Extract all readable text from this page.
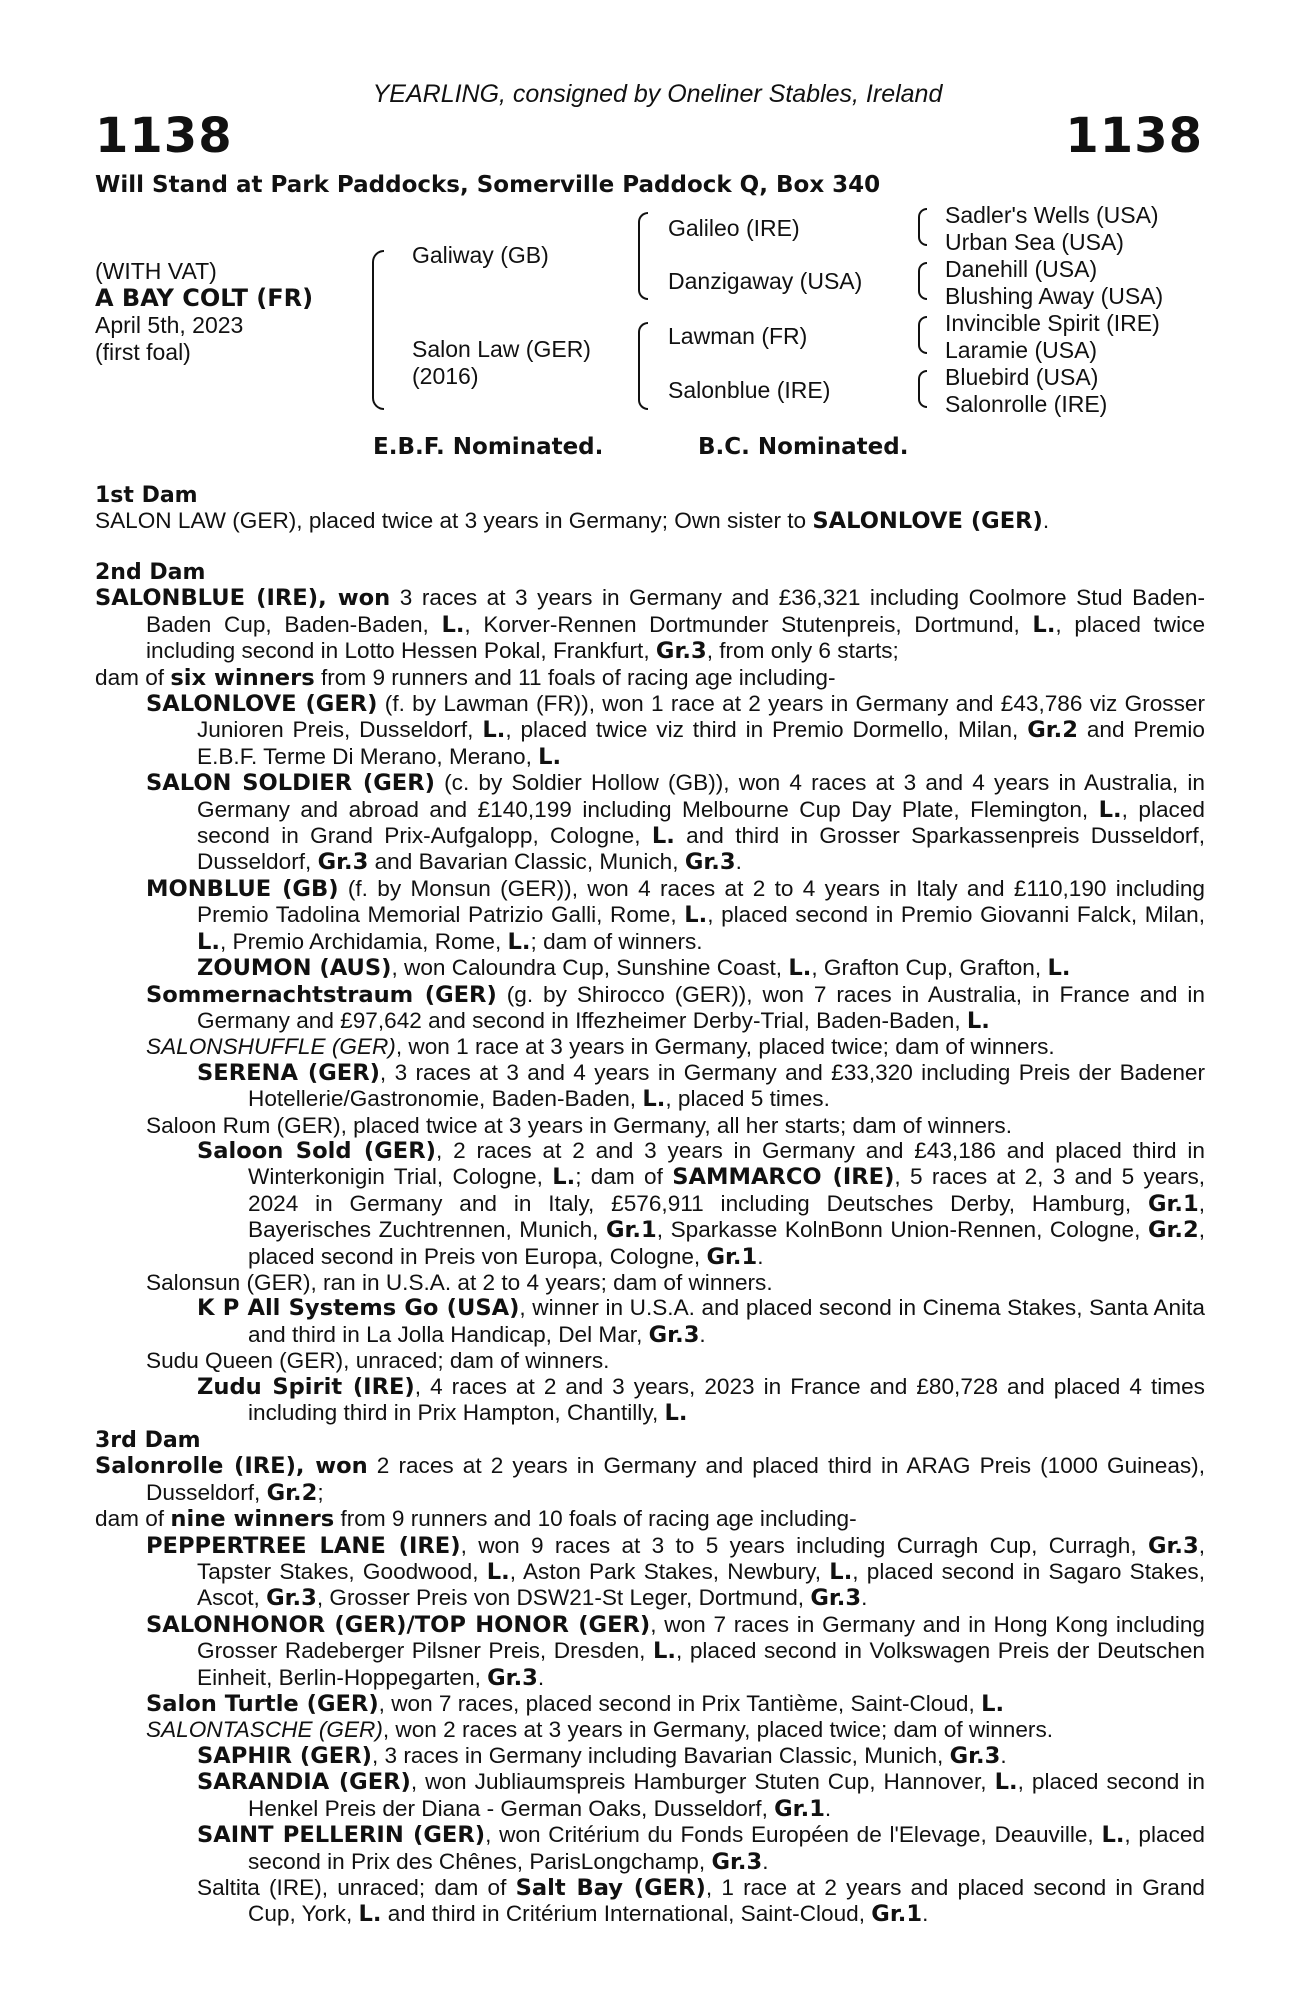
YEARLING, consigned by Oneliner Stables, Ireland
1138	1138
Will Stand at Park Paddocks, Somerville Paddock Q, Box 340
(WITH VAT)
A BAY COLT (FR)
April 5th, 2023
(first foal)
Galiway (GB)
Salon Law (GER)
(2016)
Galileo (IRE)
Danzigaway (USA)
Lawman (FR)
Salonblue (IRE)
Sadler's Wells (USA)
Urban Sea (USA)
Danehill (USA)
Blushing Away (USA)
Invincible Spirit (IRE)
Laramie (USA)
Bluebird (USA)
Salonrolle (IRE)
E.B.F. Nominated.	B.C. Nominated.
1st Dam
SALON LAW (GER), placed twice at 3 years in Germany; Own sister to SALONLOVE (GER).
2nd Dam
SALONBLUE (IRE), won 3 races at 3 years in Germany and £36,321 including Coolmore Stud Baden-Baden Cup, Baden-Baden, L., Korver-Rennen Dortmunder Stutenpreis, Dortmund, L., placed twice including second in Lotto Hessen Pokal, Frankfurt, Gr.3, from only 6 starts;
dam of six winners from 9 runners and 11 foals of racing age including-
SALONLOVE (GER) (f. by Lawman (FR)), won 1 race at 2 years in Germany and £43,786 viz Grosser Junioren Preis, Dusseldorf, L., placed twice viz third in Premio Dormello, Milan, Gr.2 and Premio E.B.F. Terme Di Merano, Merano, L.
SALON SOLDIER (GER) (c. by Soldier Hollow (GB)), won 4 races at 3 and 4 years in Australia, in Germany and abroad and £140,199 including Melbourne Cup Day Plate, Flemington, L., placed second in Grand Prix-Aufgalopp, Cologne, L. and third in Grosser Sparkassenpreis Dusseldorf, Dusseldorf, Gr.3 and Bavarian Classic, Munich, Gr.3.
MONBLUE (GB) (f. by Monsun (GER)), won 4 races at 2 to 4 years in Italy and £110,190 including Premio Tadolina Memorial Patrizio Galli, Rome, L., placed second in Premio Giovanni Falck, Milan, L., Premio Archidamia, Rome, L.; dam of winners.
ZOUMON (AUS), won Caloundra Cup, Sunshine Coast, L., Grafton Cup, Grafton, L.
Sommernachtstraum (GER) (g. by Shirocco (GER)), won 7 races in Australia, in France and in Germany and £97,642 and second in Iffezheimer Derby-Trial, Baden-Baden, L.
SALONSHUFFLE (GER), won 1 race at 3 years in Germany, placed twice; dam of winners.
SERENA (GER), 3 races at 3 and 4 years in Germany and £33,320 including Preis der Badener Hotellerie/Gastronomie, Baden-Baden, L., placed 5 times.
Saloon Rum (GER), placed twice at 3 years in Germany, all her starts; dam of winners.
Saloon Sold (GER), 2 races at 2 and 3 years in Germany and £43,186 and placed third in Winterkonigin Trial, Cologne, L.; dam of SAMMARCO (IRE), 5 races at 2, 3 and 5 years, 2024 in Germany and in Italy, £576,911 including Deutsches Derby, Hamburg, Gr.1, Bayerisches Zuchtrennen, Munich, Gr.1, Sparkasse KolnBonn Union-Rennen, Cologne, Gr.2, placed second in Preis von Europa, Cologne, Gr.1.
Salonsun (GER), ran in U.S.A. at 2 to 4 years; dam of winners.
K P All Systems Go (USA), winner in U.S.A. and placed second in Cinema Stakes, Santa Anita and third in La Jolla Handicap, Del Mar, Gr.3.
Sudu Queen (GER), unraced; dam of winners.
Zudu Spirit (IRE), 4 races at 2 and 3 years, 2023 in France and £80,728 and placed 4 times including third in Prix Hampton, Chantilly, L.
3rd Dam
Salonrolle (IRE), won 2 races at 2 years in Germany and placed third in ARAG Preis (1000 Guineas), Dusseldorf, Gr.2;
dam of nine winners from 9 runners and 10 foals of racing age including-
PEPPERTREE LANE (IRE), won 9 races at 3 to 5 years including Curragh Cup, Curragh, Gr.3, Tapster Stakes, Goodwood, L., Aston Park Stakes, Newbury, L., placed second in Sagaro Stakes, Ascot, Gr.3, Grosser Preis von DSW21-St Leger, Dortmund, Gr.3.
SALONHONOR (GER)/TOP HONOR (GER), won 7 races in Germany and in Hong Kong including Grosser Radeberger Pilsner Preis, Dresden, L., placed second in Volkswagen Preis der Deutschen Einheit, Berlin-Hoppegarten, Gr.3.
Salon Turtle (GER), won 7 races, placed second in Prix Tantième, Saint-Cloud, L.
SALONTASCHE (GER), won 2 races at 3 years in Germany, placed twice; dam of winners.
SAPHIR (GER), 3 races in Germany including Bavarian Classic, Munich, Gr.3.
SARANDIA (GER), won Jubliaumspreis Hamburger Stuten Cup, Hannover, L., placed second in Henkel Preis der Diana - German Oaks, Dusseldorf, Gr.1.
SAINT PELLERIN (GER), won Critérium du Fonds Européen de l'Elevage, Deauville, L., placed second in Prix des Chênes, ParisLongchamp, Gr.3.
Saltita (IRE), unraced; dam of Salt Bay (GER), 1 race at 2 years and placed second in Grand Cup, York, L. and third in Critérium International, Saint-Cloud, Gr.1.
